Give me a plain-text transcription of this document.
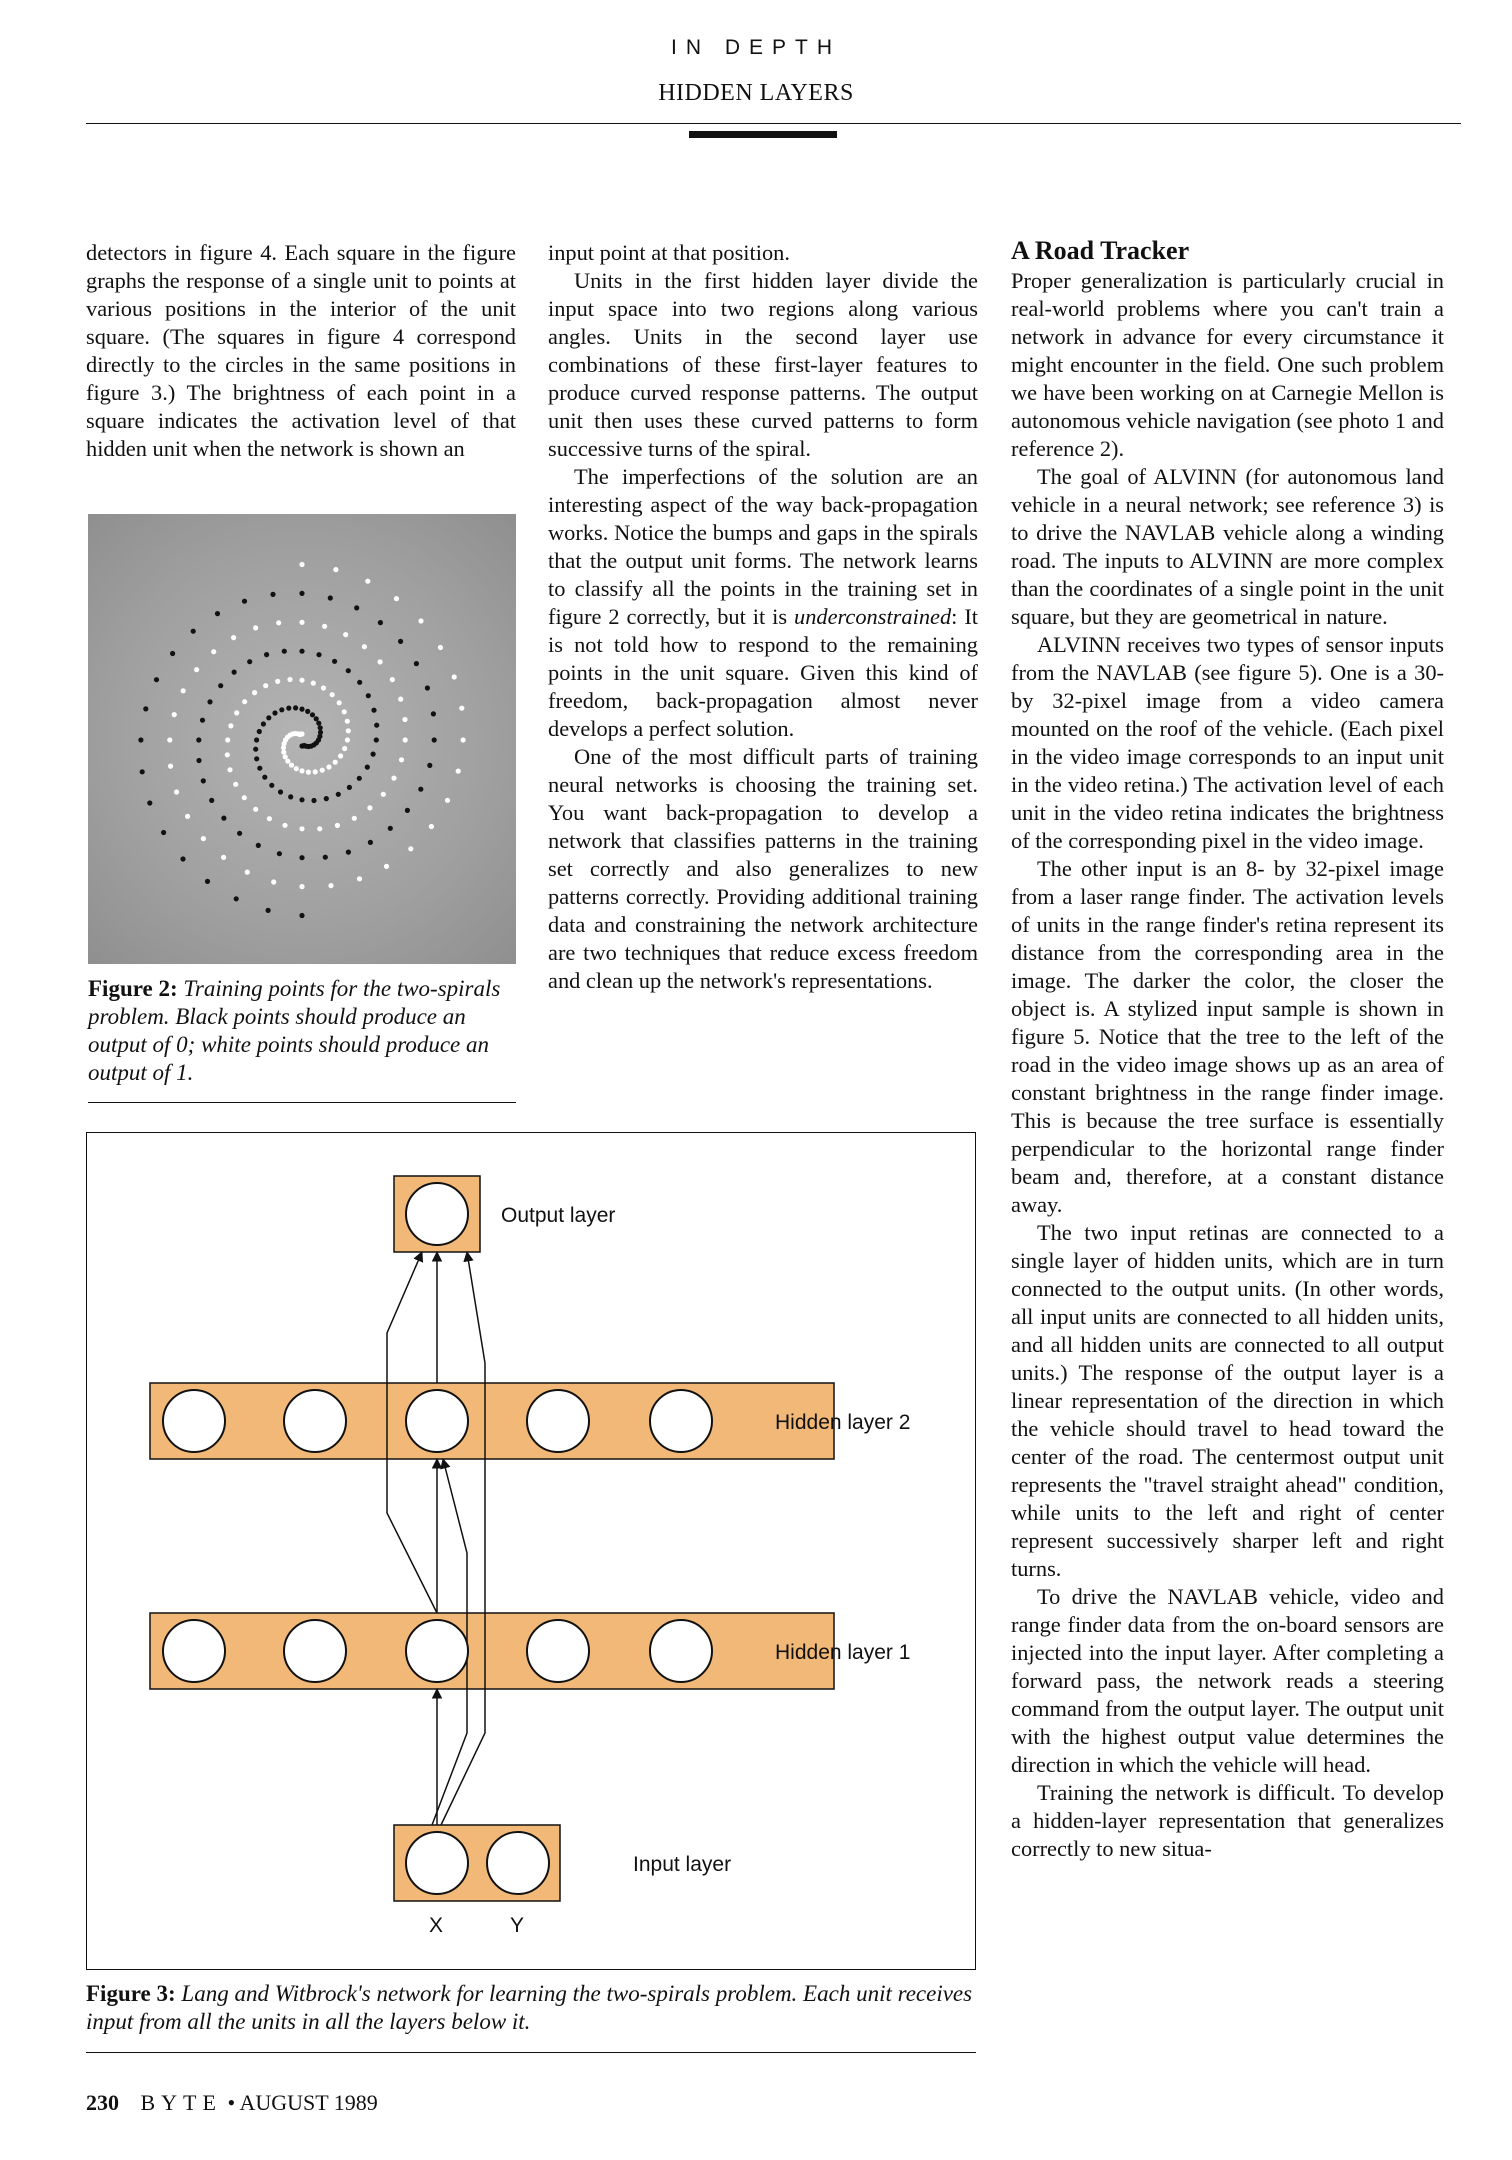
IN DEPTH
HIDDEN LAYERS

detectors in figure 4. Each square in the figure graphs the response of a single unit to points at various positions in the interior of the unit square. (The squares in figure 4 correspond directly to the circles in the same positions in figure 3.) The brightness of each point in a square indicates the activation level of that hidden unit when the network is shown an

Figure 2: Training points for the two-spirals problem. Black points should produce an output of 0; white points should produce an output of 1.

input point at that position.

Units in the first hidden layer divide the input space into two regions along various angles. Units in the second layer use combinations of these first-layer features to produce curved response patterns. The output unit then uses these curved patterns to form successive turns of the spiral.

The imperfections of the solution are an interesting aspect of the way back-propagation works. Notice the bumps and gaps in the spirals that the output unit forms. The network learns to classify all the points in the training set in figure 2 correctly, but it is underconstrained: It is not told how to respond to the remaining points in the unit square. Given this kind of freedom, back-propagation almost never develops a perfect solution.

One of the most difficult parts of training neural networks is choosing the training set. You want back-propagation to develop a network that classifies patterns in the training set correctly and also generalizes to new patterns correctly. Providing additional training data and constraining the network architecture are two techniques that reduce excess freedom and clean up the network's representations.

Output layer
Hidden layer 2
Hidden layer 1
Input layer
X	Y
Figure 3: Lang and Witbrock's network for learning the two-spirals problem. Each unit receives input from all the units in all the layers below it.
A Road Tracker

Proper generalization is particularly crucial in real-world problems where you can't train a network in advance for every circumstance it might encounter in the field. One such problem we have been working on at Carnegie Mellon is autonomous vehicle navigation (see photo 1 and reference 2).

The goal of ALVINN (for autonomous land vehicle in a neural network; see reference 3) is to drive the NAVLAB vehicle along a winding road. The inputs to ALVINN are more complex than the coordinates of a single point in the unit square, but they are geometrical in nature.

ALVINN receives two types of sensor inputs from the NAVLAB (see figure 5). One is a 30- by 32-pixel image from a video camera mounted on the roof of the vehicle. (Each pixel in the video image corresponds to an input unit in the video retina.) The activation level of each unit in the video retina indicates the brightness of the corresponding pixel in the video image.

The other input is an 8- by 32-pixel image from a laser range finder. The activation levels of units in the range finder's retina represent its distance from the corresponding area in the image. The darker the color, the closer the object is. A stylized input sample is shown in figure 5. Notice that the tree to the left of the road in the video image shows up as an area of constant brightness in the range finder image. This is because the tree surface is essentially perpendicular to the horizontal range finder beam and, therefore, at a constant distance away.

The two input retinas are connected to a single layer of hidden units, which are in turn connected to the output units. (In other words, all input units are connected to all hidden units, and all hidden units are connected to all output units.) The response of the output layer is a linear representation of the direction in which the vehicle should travel to head toward the center of the road. The centermost output unit represents the "travel straight ahead" condition, while units to the left and right of center represent successively sharper left and right turns.

To drive the NAVLAB vehicle, video and range finder data from the on-board sensors are injected into the input layer. After completing a forward pass, the network reads a steering command from the output layer. The output unit with the highest output value determines the direction in which the vehicle will head.

Training the network is difficult. To develop a hidden-layer representation that generalizes correctly to new situa-

230 BYTE • AUGUST 1989
